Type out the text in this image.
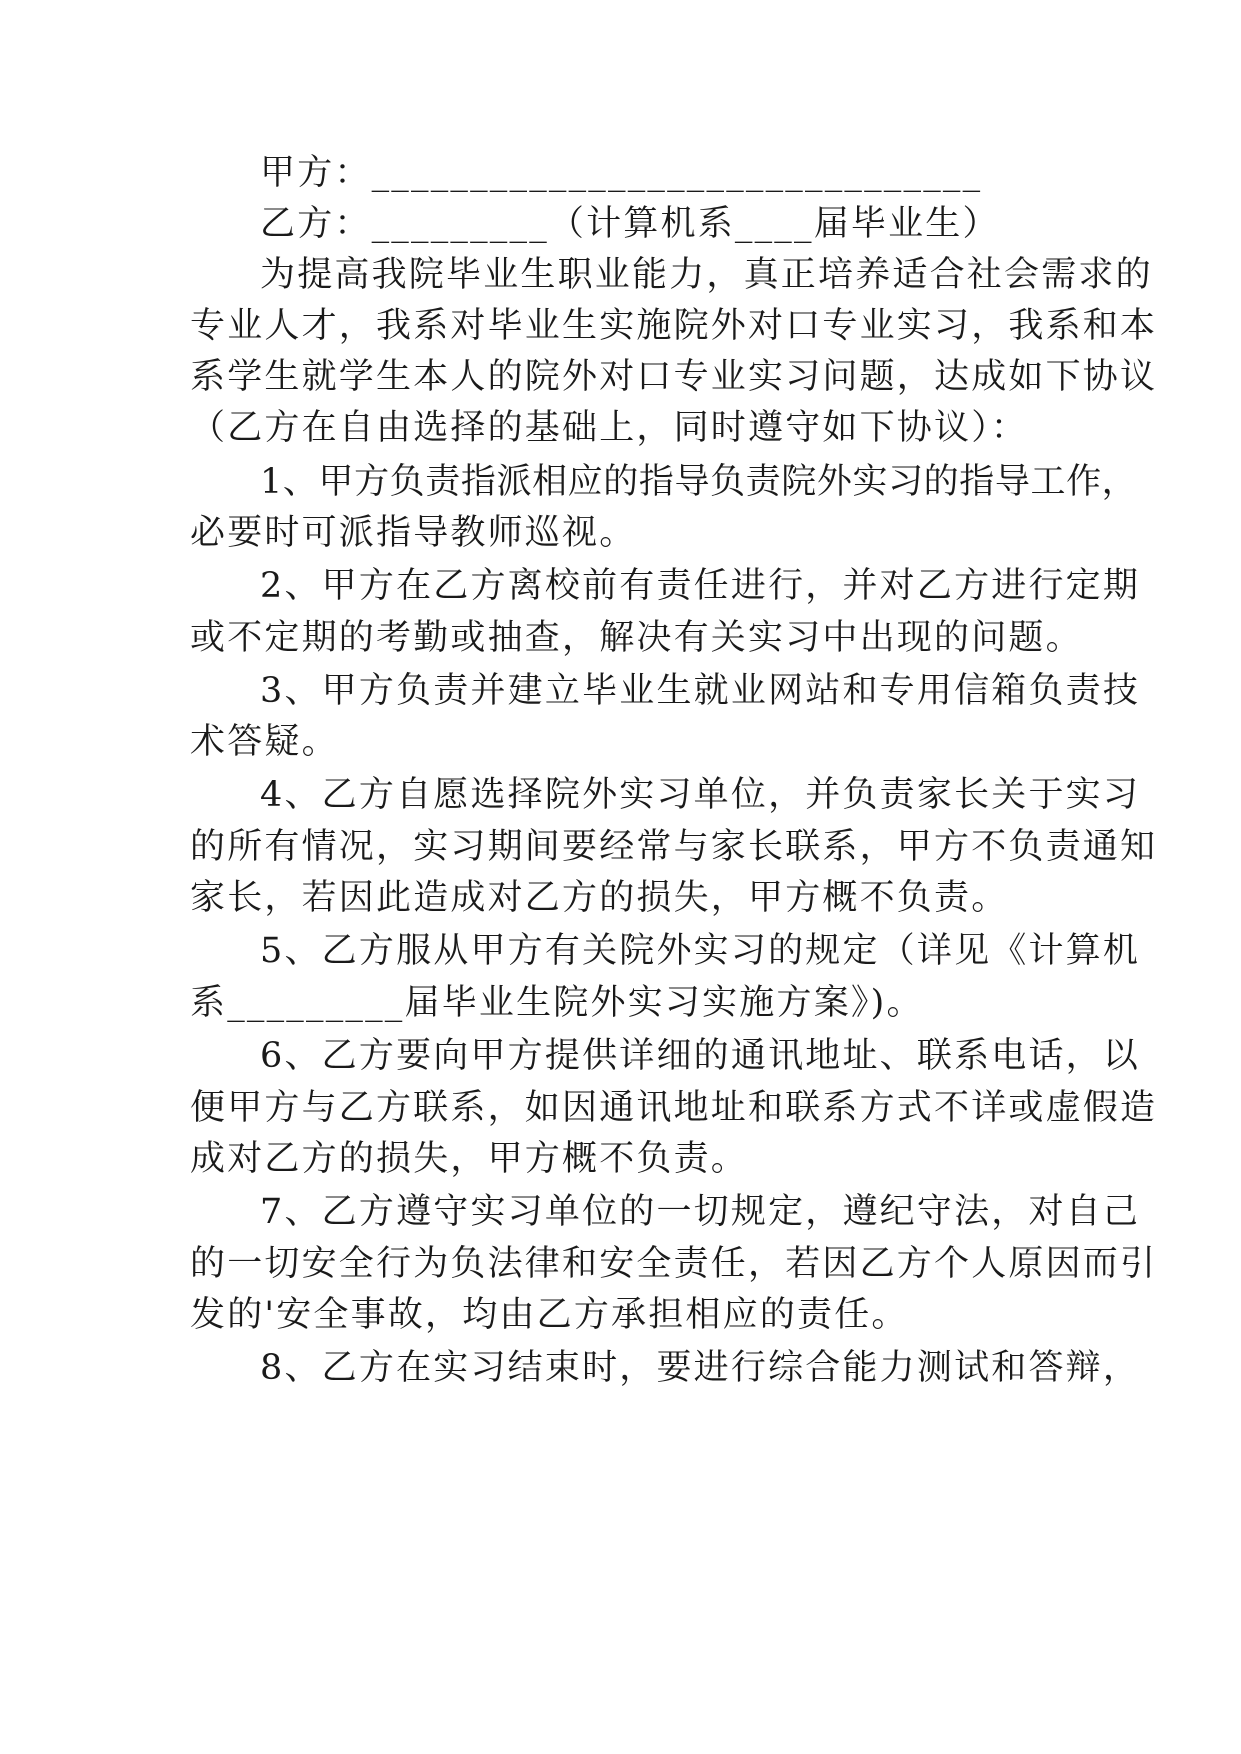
甲方：_______________________________
乙方：_________（计算机系____届毕业生）
为提高我院毕业生职业能力，真正培养适合社会需求的
专业人才，我系对毕业生实施院外对口专业实习，我系和本
系学生就学生本人的院外对口专业实习问题，达成如下协议
（乙方在自由选择的基础上，同时遵守如下协议）：
1、甲方负责指派相应的指导负责院外实习的指导工作，
必要时可派指导教师巡视。
2、甲方在乙方离校前有责任进行，并对乙方进行定期
或不定期的考勤或抽查，解决有关实习中出现的问题。
3、甲方负责并建立毕业生就业网站和专用信箱负责技
术答疑。
4、乙方自愿选择院外实习单位，并负责家长关于实习
的所有情况，实习期间要经常与家长联系，甲方不负责通知
家长，若因此造成对乙方的损失，甲方概不负责。
5、乙方服从甲方有关院外实习的规定（详见《计算机
系_________届毕业生院外实习实施方案》)。
6、乙方要向甲方提供详细的通讯地址、联系电话，以
便甲方与乙方联系，如因通讯地址和联系方式不详或虚假造
成对乙方的损失，甲方概不负责。
7、乙方遵守实习单位的一切规定，遵纪守法，对自己
的一切安全行为负法律和安全责任，若因乙方个人原因而引
发的'安全事故，均由乙方承担相应的责任。
8、乙方在实习结束时，要进行综合能力测试和答辩，
